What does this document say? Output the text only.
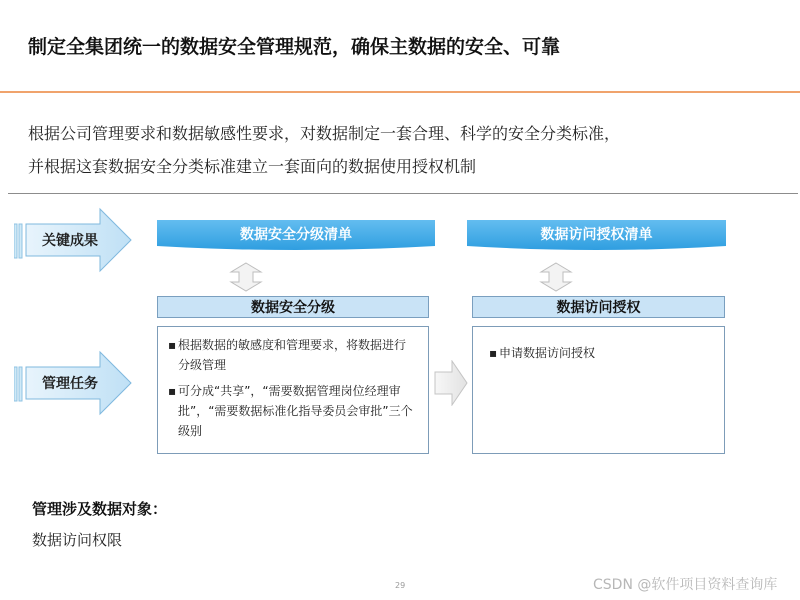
制定全集团统一的数据安全管理规范，确保主数据的安全、可靠
根据公司管理要求和数据敏感性要求，对数据制定一套合理、科学的安全分类标准，
并根据这套数据安全分类标准建立一套面向的数据使用授权机制
关键成果
管理任务
数据安全分级清单
数据安全分级
▪ 根据数据的敏感度和管理要求，将数据进行分级管理
▪ 可分成“共享”，“需要数据管理岗位经理审批”，“需要数据标准化指导委员会审批”三个级别
数据访问授权清单
数据访问授权
▪ 申请数据访问授权
管理涉及数据对象：
数据访问权限
29	CSDN @软件项目资料查询库
